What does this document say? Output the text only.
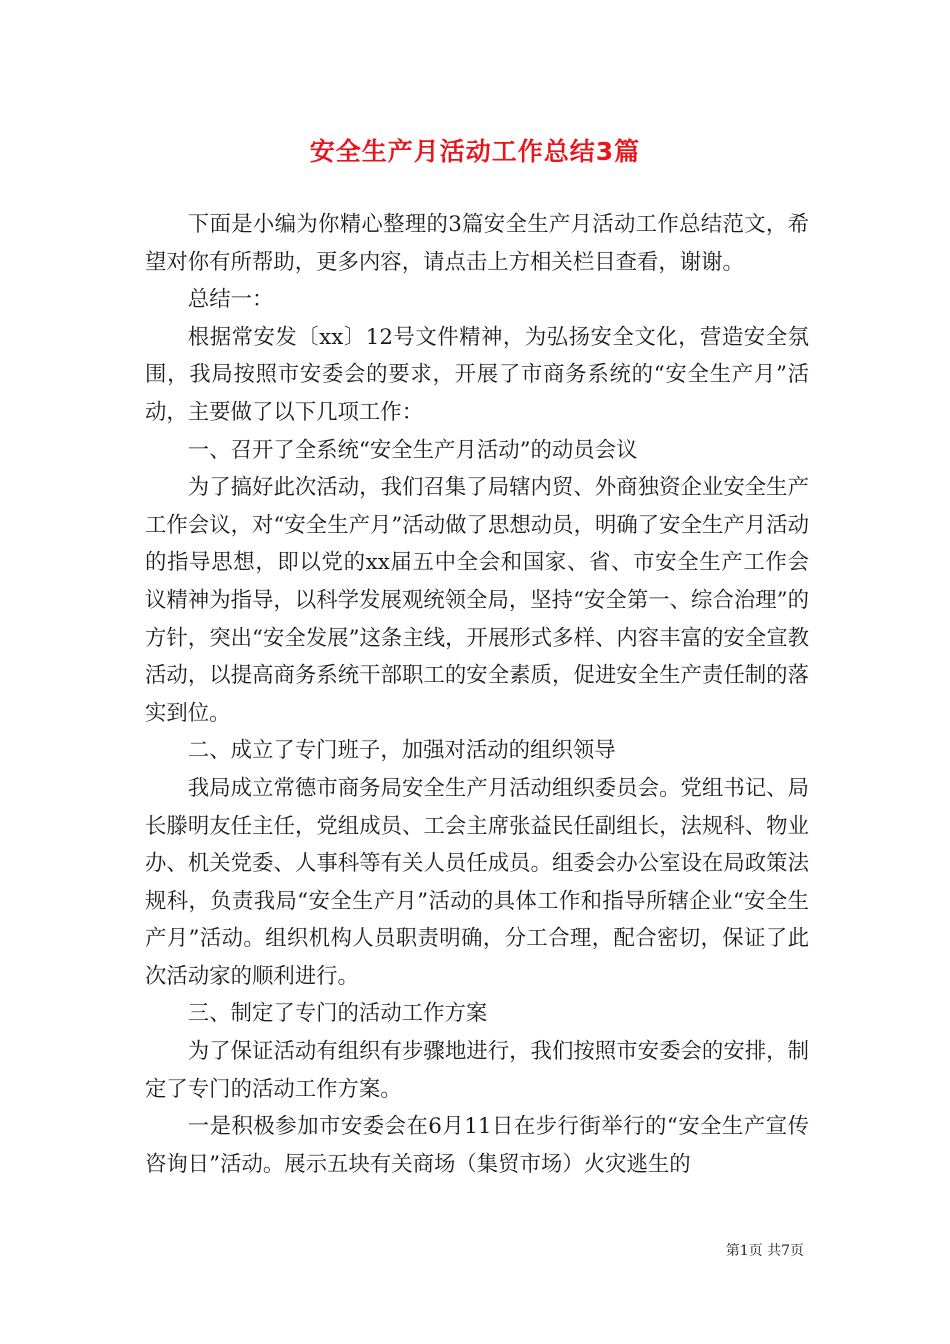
安全生产月活动工作总结3篇

下面是小编为你精心整理的3篇安全生产月活动工作总结范文，希望对你有所帮助，更多内容，请点击上方相关栏目查看，谢谢。

总结一：

根据常安发〔xx〕12号文件精神，为弘扬安全文化，营造安全氛围，我局按照市安委会的要求，开展了市商务系统的“安全生产月”活动，主要做了以下几项工作：

一、召开了全系统“安全生产月活动”的动员会议

为了搞好此次活动，我们召集了局辖内贸、外商独资企业安全生产工作会议，对“安全生产月”活动做了思想动员，明确了安全生产月活动的指导思想，即以党的xx届五中全会和国家、省、市安全生产工作会议精神为指导，以科学发展观统领全局，坚持“安全第一、综合治理”的方针，突出“安全发展”这条主线，开展形式多样、内容丰富的安全宣教活动，以提高商务系统干部职工的安全素质，促进安全生产责任制的落实到位。

二、成立了专门班子，加强对活动的组织领导

我局成立常德市商务局安全生产月活动组织委员会。党组书记、局长滕明友任主任，党组成员、工会主席张益民任副组长，法规科、物业办、机关党委、人事科等有关人员任成员。组委会办公室设在局政策法规科，负责我局“安全生产月”活动的具体工作和指导所辖企业“安全生产月”活动。组织机构人员职责明确，分工合理，配合密切，保证了此次活动家的顺利进行。

三、制定了专门的活动工作方案

为了保证活动有组织有步骤地进行，我们按照市安委会的安排，制定了专门的活动工作方案。

一是积极参加市安委会在6月11日在步行街举行的“安全生产宣传咨询日”活动。展示五块有关商场（集贸市场）火灾逃生的

第1页 共7页
